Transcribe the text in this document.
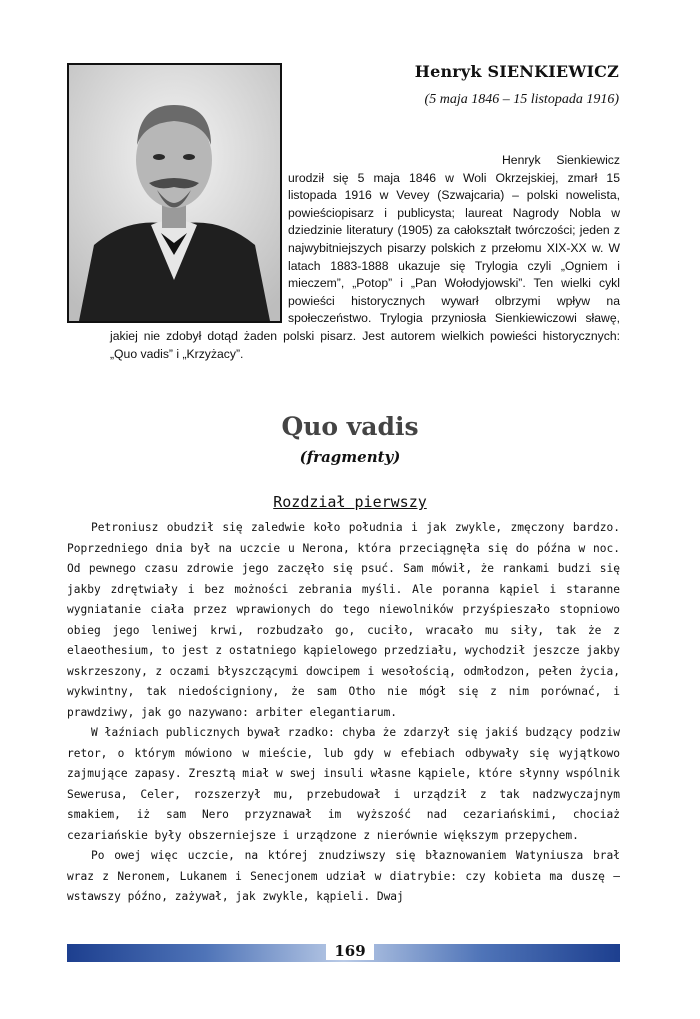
Henryk SIENKIEWICZ
(5 maja 1846 – 15 listopada 1916)
Henryk Sienkiewicz urodził się 5 maja 1846 w Woli Okrzejskiej, zmarł 15 listopada 1916 w Vevey (Szwajcaria) – polski nowelista, powieściopisarz i publicysta; laureat Nagrody Nobla w dziedzinie literatury (1905) za całokształt twórczości; jeden z najwybitniejszych pisarzy polskich z przełomu XIX-XX w. W latach 1883-1888 ukazuje się Trylogia czyli „Ogniem i mieczem”, „Potop” i „Pan Wołodyjowski”. Ten wielki cykl powieści historycznych wywarł olbrzymi wpływ na społeczeństwo. Trylogia przyniosła Sienkiewiczowi sławę, jakiej nie zdobył dotąd żaden polski pisarz. Jest autorem wielkich powieści historycznych: „Quo vadis” i „Krzyżacy”.
Quo vadis
(fragmenty)
Rozdział pierwszy

Petroniusz obudził się zaledwie koło południa i jak zwykle, zmęczony bardzo. Poprzedniego dnia był na uczcie u Nerona, która przeciągnęła się do późna w noc. Od pewnego czasu zdrowie jego zaczęło się psuć. Sam mówił, że rankami budzi się jakby zdrętwiały i bez możności zebrania myśli. Ale poranna kąpiel i staranne wygniatanie ciała przez wprawionych do tego niewolników przyśpieszało stopniowo obieg jego leniwej krwi, rozbudzało go, cuciło, wracało mu siły, tak że z elaeothesium, to jest z ostatniego kąpielowego przedziału, wychodził jeszcze jakby wskrzeszony, z oczami błyszczącymi dowcipem i wesołością, odmłodzon, pełen życia, wykwintny, tak niedościgniony, że sam Otho nie mógł się z nim porównać, i prawdziwy, jak go nazywano: arbiter elegantiarum.

W łaźniach publicznych bywał rzadko: chyba że zdarzył się jakiś budzący podziw retor, o którym mówiono w mieście, lub gdy w efebiach odbywały się wyjątkowo zajmujące zapasy. Zresztą miał w swej insuli własne kąpiele, które słynny wspólnik Sewerusa, Celer, rozszerzył mu, przebudował i urządził z tak nadzwyczajnym smakiem, iż sam Nero przyznawał im wyższość nad cezariańskimi, chociaż cezariańskie były obszerniejsze i urządzone z nierównie większym przepychem.

Po owej więc uczcie, na której znudziwszy się błaznowaniem Watyniusza brał wraz z Neronem, Lukanem i Senecjonem udział w diatrybie: czy kobieta ma duszę – wstawszy późno, zażywał, jak zwykle, kąpieli. Dwaj

169
